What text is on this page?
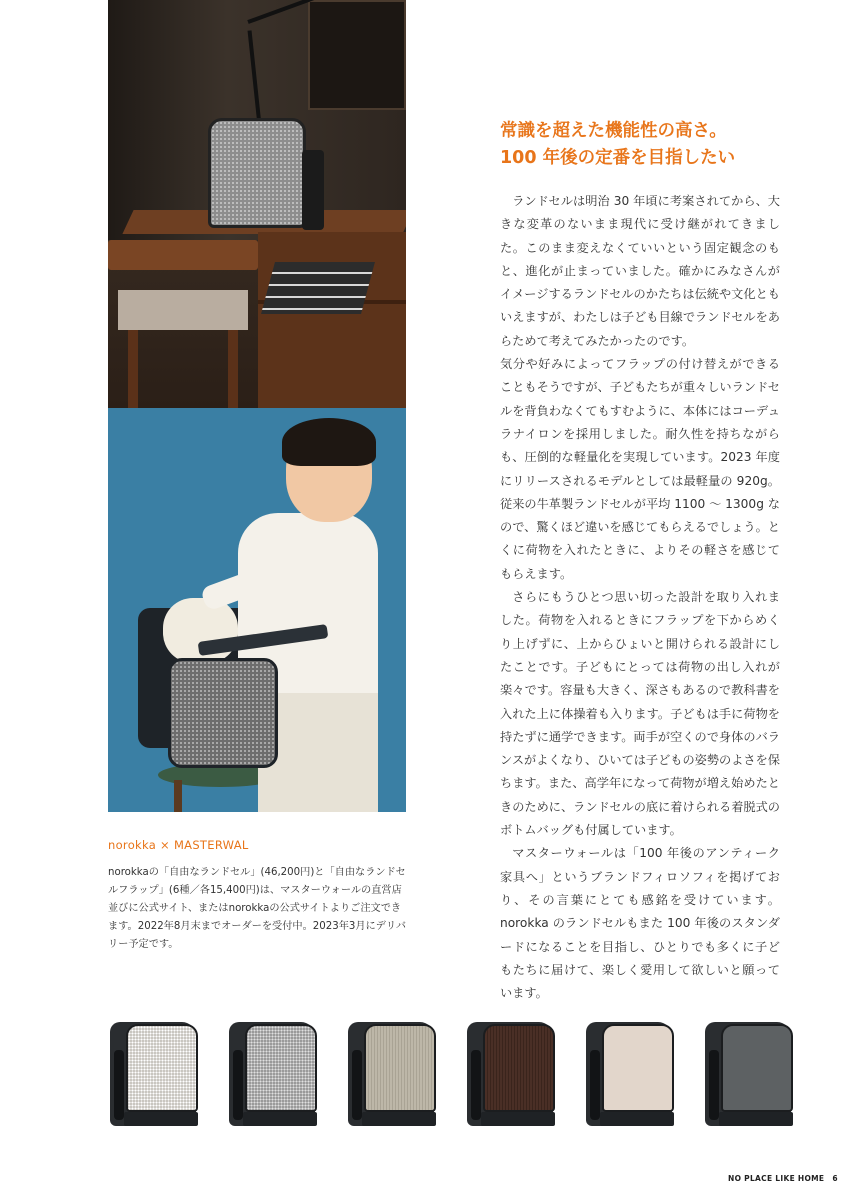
norokka × MASTERWAL
norokkaの「自由なランドセル」(46,200円)と「自由なランドセルフラップ」(6種／各15,400円)は、マスターウォールの直営店並びに公式サイト、またはnorokkaの公式サイトよりご注文できます。2022年8月末までオーダーを受付中。2023年3月にデリバリー予定です。
常識を超えた機能性の高さ。
100 年後の定番を目指したい

ランドセルは明治 30 年頃に考案されてから、大きな変革のないまま現代に受け継がれてきました。このまま変えなくていいという固定観念のもと、進化が止まっていました。確かにみなさんがイメージするランドセルのかたちは伝統や文化ともいえますが、わたしは子ども目線でランドセルをあらためて考えてみたかったのです。

気分や好みによってフラップの付け替えができることもそうですが、子どもたちが重々しいランドセルを背負わなくてもすむように、本体にはコーデュラナイロンを採用しました。耐久性を持ちながらも、圧倒的な軽量化を実現しています。2023 年度にリリースされるモデルとしては最軽量の 920g。従来の牛革製ランドセルが平均 1100 ～ 1300g なので、驚くほど違いを感じてもらえるでしょう。とくに荷物を入れたときに、よりその軽さを感じてもらえます。

さらにもうひとつ思い切った設計を取り入れました。荷物を入れるときにフラップを下からめくり上げずに、上からひょいと開けられる設計にしたことです。子どもにとっては荷物の出し入れが楽々です。容量も大きく、深さもあるので教科書を入れた上に体操着も入ります。子どもは手に荷物を持たずに通学できます。両手が空くので身体のバランスがよくなり、ひいては子どもの姿勢のよさを保ちます。また、高学年になって荷物が増え始めたときのために、ランドセルの底に着けられる着脱式のボトムバッグも付属しています。

マスターウォールは「100 年後のアンティーク家具へ」というブランドフィロソフィを掲げており、その言葉にとても感銘を受けています。norokka のランドセルもまた 100 年後のスタンダードになることを目指し、ひとりでも多くに子どもたちに届けて、楽しく愛用して欲しいと願っています。

NO PLACE LIKE HOME 6
